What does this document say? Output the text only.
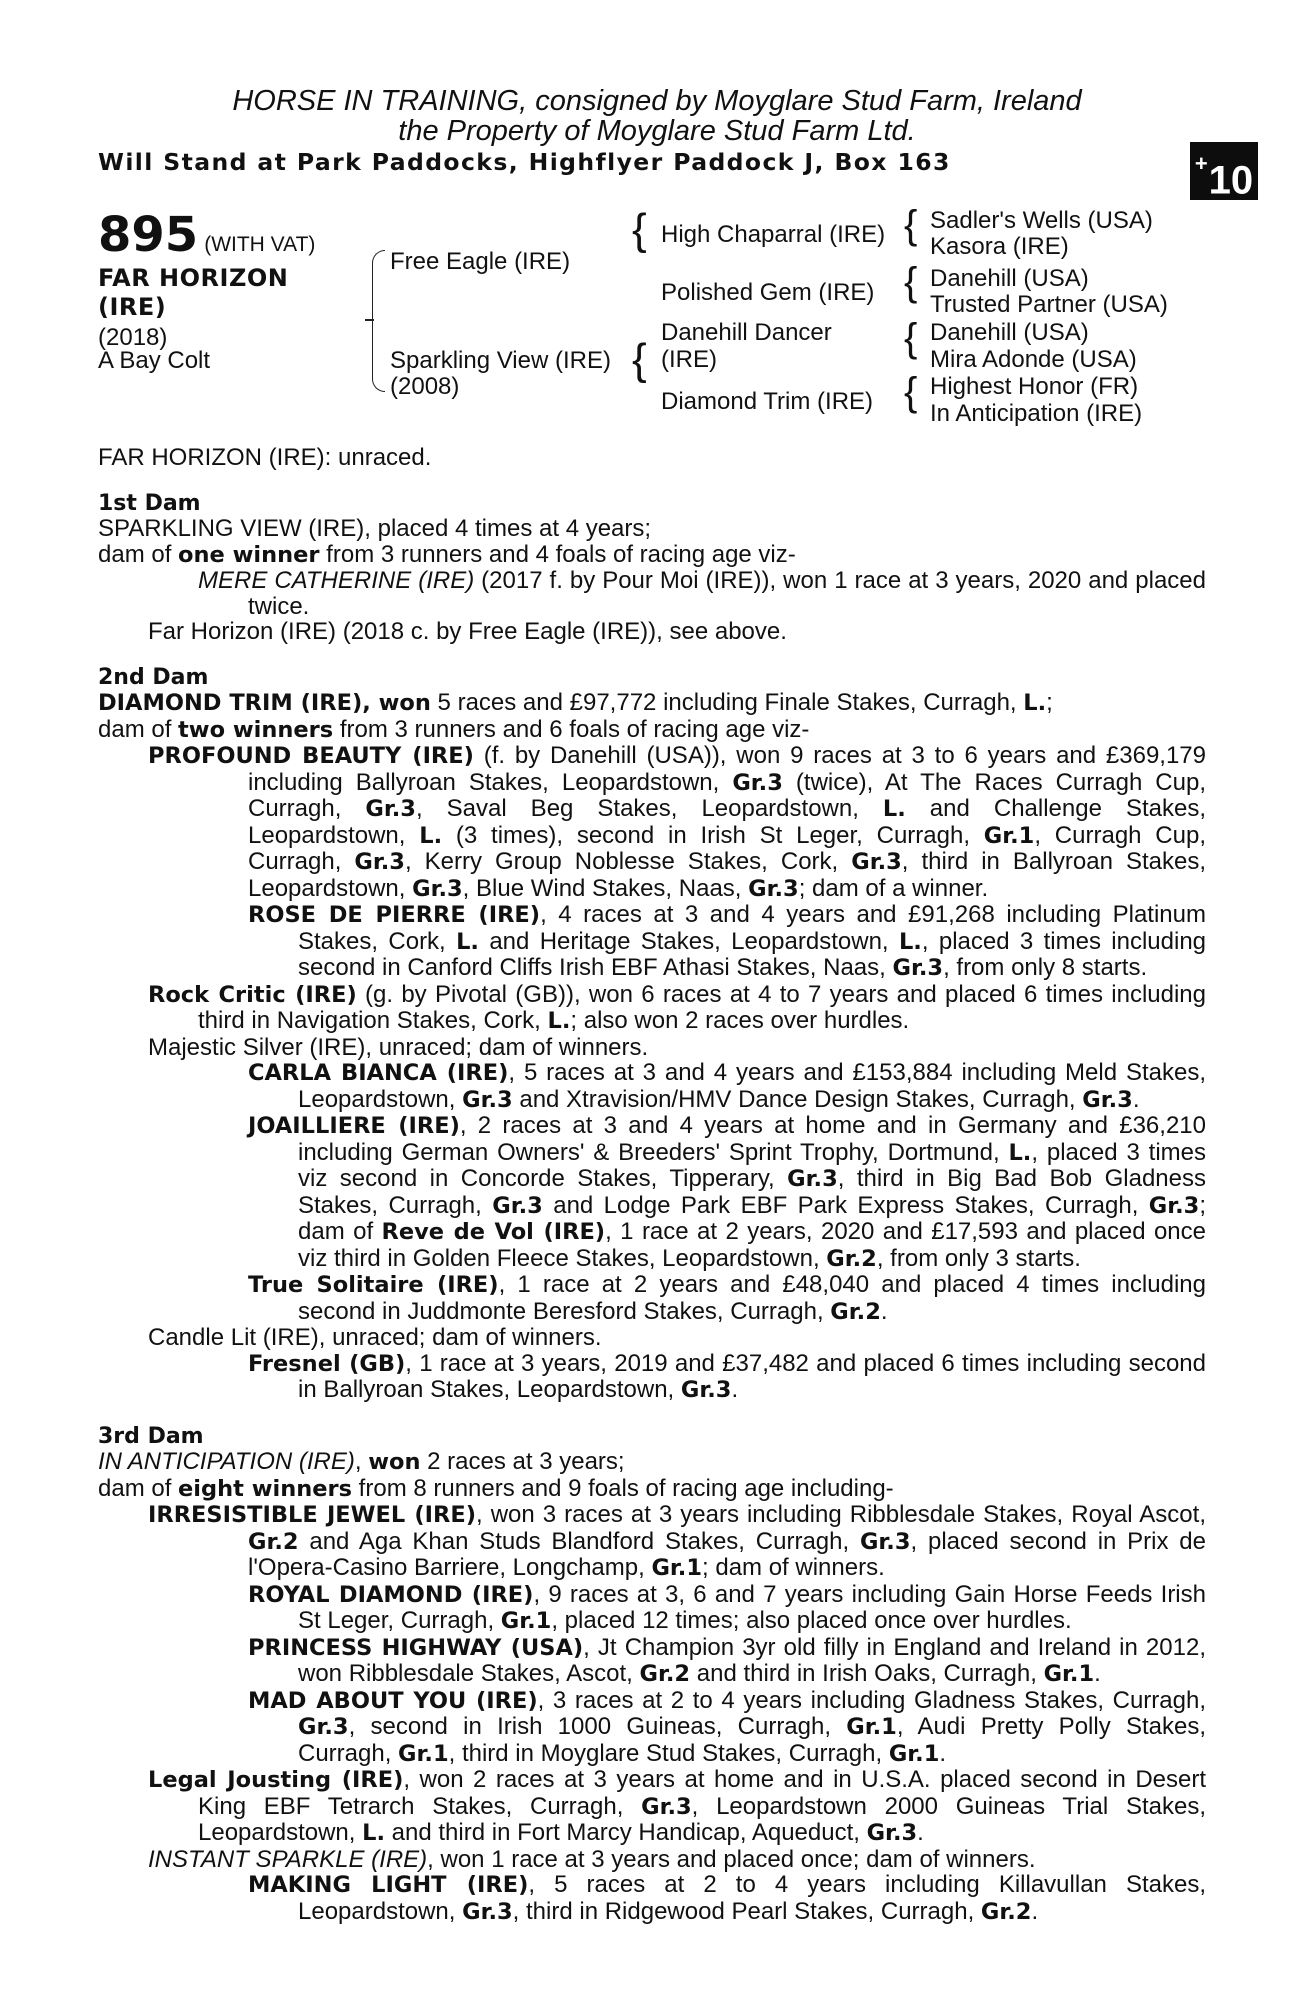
HORSE IN TRAINING, consigned by Moyglare Stud Farm, Ireland
the Property of Moyglare Stud Farm Ltd.
Will Stand at Park Paddocks, Highflyer Paddock J, Box 163	+10
895 (WITH VAT)
FAR HORIZON
(IRE)
(2018)
A Bay Colt
Free Eagle (IRE)
Sparkling View (IRE)
(2008)
{
{
High Chaparral (IRE)
Polished Gem (IRE)
Danehill Dancer
(IRE)
Diamond Trim (IRE)
{
{
{
{
Sadler's Wells (USA)
Kasora (IRE)
Danehill (USA)
Trusted Partner (USA)
Danehill (USA)
Mira Adonde (USA)
Highest Honor (FR)
In Anticipation (IRE)
FAR HORIZON (IRE): unraced.
1st Dam
SPARKLING VIEW (IRE), placed 4 times at 4 years;
dam of one winner from 3 runners and 4 foals of racing age viz-
MERE CATHERINE (IRE) (2017 f. by Pour Moi (IRE)), won 1 race at 3 years, 2020 and placed twice.
Far Horizon (IRE) (2018 c. by Free Eagle (IRE)), see above.
2nd Dam
DIAMOND TRIM (IRE), won 5 races and £97,772 including Finale Stakes, Curragh, L.;
dam of two winners from 3 runners and 6 foals of racing age viz-
PROFOUND BEAUTY (IRE) (f. by Danehill (USA)), won 9 races at 3 to 6 years and £369,179 including Ballyroan Stakes, Leopardstown, Gr.3 (twice), At The Races Curragh Cup, Curragh, Gr.3, Saval Beg Stakes, Leopardstown, L. and Challenge Stakes, Leopardstown, L. (3 times), second in Irish St Leger, Curragh, Gr.1, Curragh Cup, Curragh, Gr.3, Kerry Group Noblesse Stakes, Cork, Gr.3, third in Ballyroan Stakes, Leopardstown, Gr.3, Blue Wind Stakes, Naas, Gr.3; dam of a winner.
ROSE DE PIERRE (IRE), 4 races at 3 and 4 years and £91,268 including Platinum Stakes, Cork, L. and Heritage Stakes, Leopardstown, L., placed 3 times including second in Canford Cliffs Irish EBF Athasi Stakes, Naas, Gr.3, from only 8 starts.
Rock Critic (IRE) (g. by Pivotal (GB)), won 6 races at 4 to 7 years and placed 6 times including third in Navigation Stakes, Cork, L.; also won 2 races over hurdles.
Majestic Silver (IRE), unraced; dam of winners.
CARLA BIANCA (IRE), 5 races at 3 and 4 years and £153,884 including Meld Stakes, Leopardstown, Gr.3 and Xtravision/HMV Dance Design Stakes, Curragh, Gr.3.
JOAILLIERE (IRE), 2 races at 3 and 4 years at home and in Germany and £36,210 including German Owners' & Breeders' Sprint Trophy, Dortmund, L., placed 3 times viz second in Concorde Stakes, Tipperary, Gr.3, third in Big Bad Bob Gladness Stakes, Curragh, Gr.3 and Lodge Park EBF Park Express Stakes, Curragh, Gr.3; dam of Reve de Vol (IRE), 1 race at 2 years, 2020 and £17,593 and placed once viz third in Golden Fleece Stakes, Leopardstown, Gr.2, from only 3 starts.
True Solitaire (IRE), 1 race at 2 years and £48,040 and placed 4 times including second in Juddmonte Beresford Stakes, Curragh, Gr.2.
Candle Lit (IRE), unraced; dam of winners.
Fresnel (GB), 1 race at 3 years, 2019 and £37,482 and placed 6 times including second in Ballyroan Stakes, Leopardstown, Gr.3.
3rd Dam
IN ANTICIPATION (IRE), won 2 races at 3 years;
dam of eight winners from 8 runners and 9 foals of racing age including-
IRRESISTIBLE JEWEL (IRE), won 3 races at 3 years including Ribblesdale Stakes, Royal Ascot, Gr.2 and Aga Khan Studs Blandford Stakes, Curragh, Gr.3, placed second in Prix de l'Opera-Casino Barriere, Longchamp, Gr.1; dam of winners.
ROYAL DIAMOND (IRE), 9 races at 3, 6 and 7 years including Gain Horse Feeds Irish St Leger, Curragh, Gr.1, placed 12 times; also placed once over hurdles.
PRINCESS HIGHWAY (USA), Jt Champion 3yr old filly in England and Ireland in 2012, won Ribblesdale Stakes, Ascot, Gr.2 and third in Irish Oaks, Curragh, Gr.1.
MAD ABOUT YOU (IRE), 3 races at 2 to 4 years including Gladness Stakes, Curragh, Gr.3, second in Irish 1000 Guineas, Curragh, Gr.1, Audi Pretty Polly Stakes, Curragh, Gr.1, third in Moyglare Stud Stakes, Curragh, Gr.1.
Legal Jousting (IRE), won 2 races at 3 years at home and in U.S.A. placed second in Desert King EBF Tetrarch Stakes, Curragh, Gr.3, Leopardstown 2000 Guineas Trial Stakes, Leopardstown, L. and third in Fort Marcy Handicap, Aqueduct, Gr.3.
INSTANT SPARKLE (IRE), won 1 race at 3 years and placed once; dam of winners.
MAKING LIGHT (IRE), 5 races at 2 to 4 years including Killavullan Stakes, Leopardstown, Gr.3, third in Ridgewood Pearl Stakes, Curragh, Gr.2.
